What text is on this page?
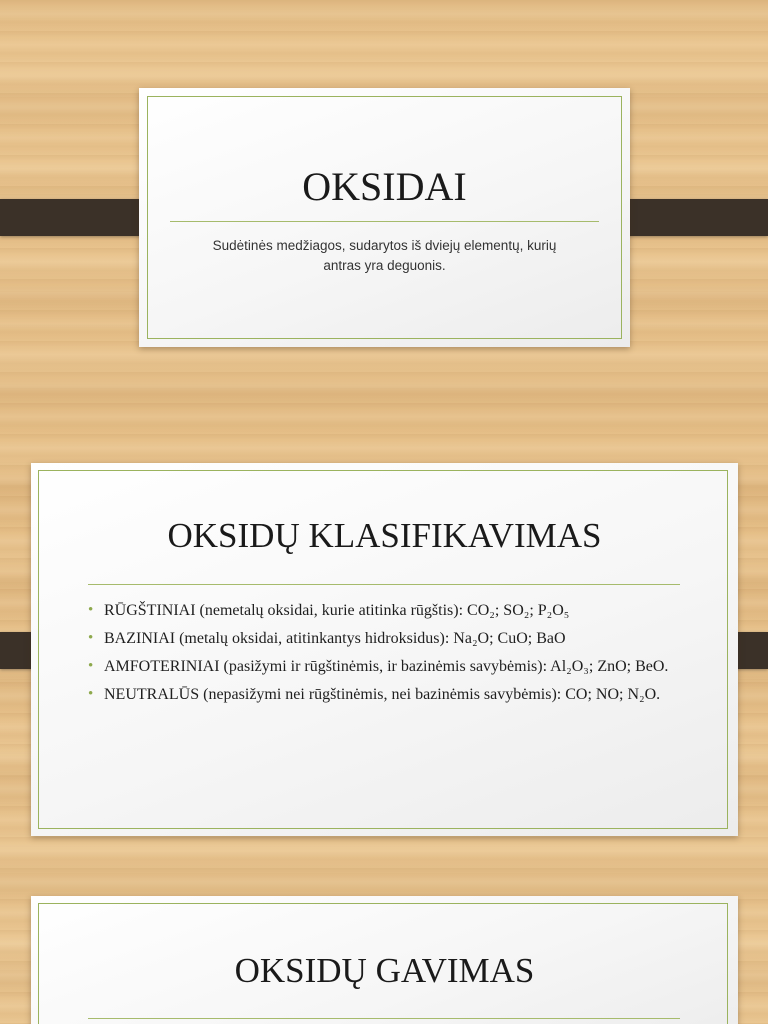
OKSIDAI
Sudėtinės medžiagos, sudarytos iš dviejų elementų, kurių
antras yra deguonis.
OKSIDŲ KLASIFIKAVIMAS
• RŪGŠTINIAI (nemetalų oksidai, kurie atitinka rūgštis): CO₂; SO₂; P₂O₅
• BAZINIAI (metalų oksidai, atitinkantys hidroksidus): Na₂O; CuO; BaO
• AMFOTERINIAI (pasižymi ir rūgštinėmis, ir bazinėmis savybėmis): Al₂O₃; ZnO; BeO.
• NEUTRALŪS (nepasižymi nei rūgštinėmis, nei bazinėmis savybėmis): CO; NO; N₂O.
OKSIDŲ GAVIMAS
